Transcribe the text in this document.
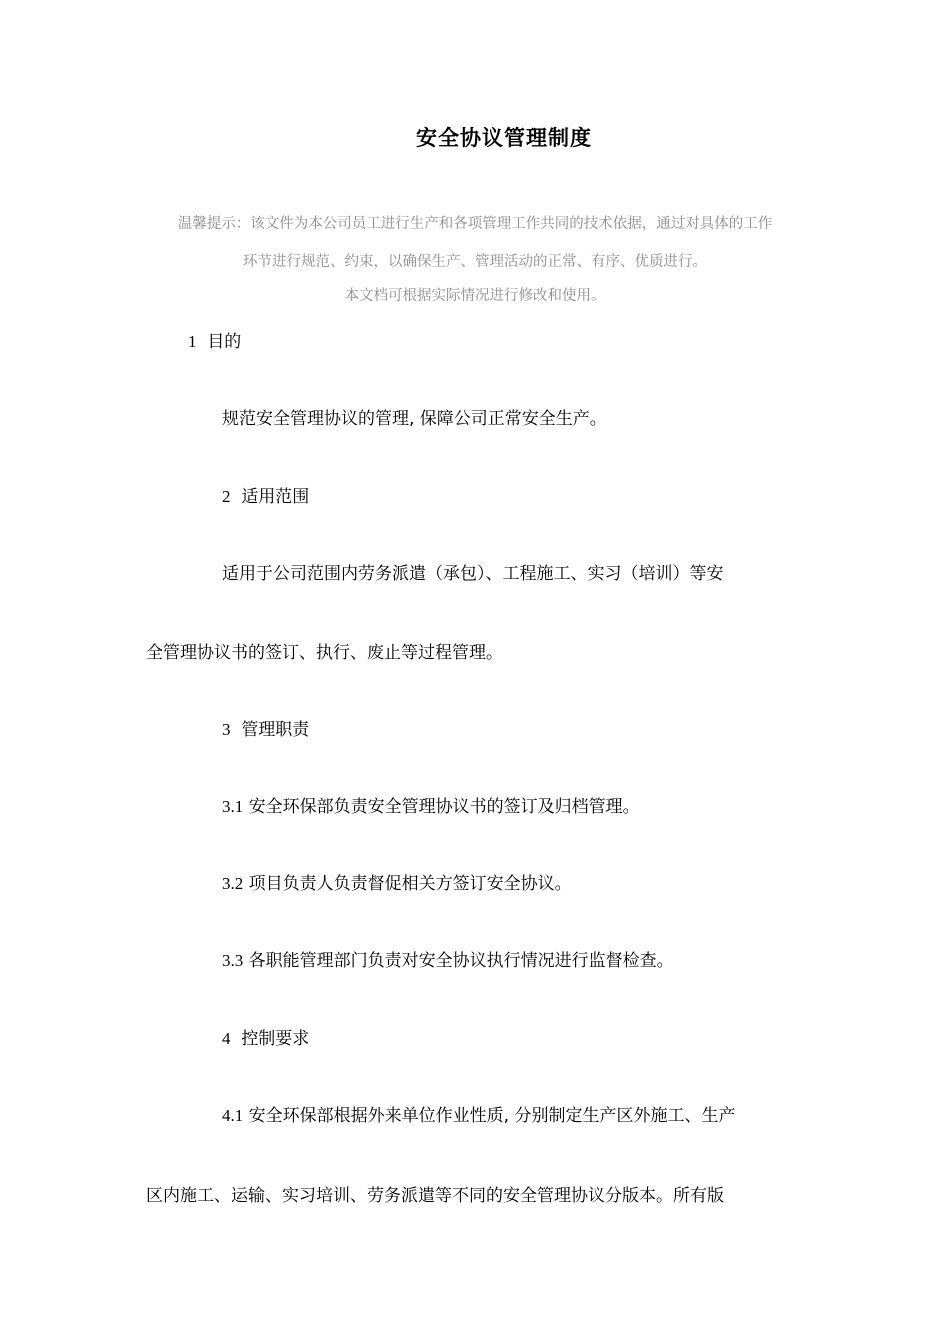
安全协议管理制度
温馨提示：该文件为本公司员工进行生产和各项管理工作共同的技术依据，通过对具体的工作
环节进行规范、约束，以确保生产、管理活动的正常、有序、优质进行。
本文档可根据实际情况进行修改和使用。
1 目的
规范安全管理协议的管理, 保障公司正常安全生产。
2 适用范围
适用于公司范围内劳务派遣（承包）、工程施工、实习（培训）等安
全管理协议书的签订、执行、废止等过程管理。
3 管理职责
3.1 安全环保部负责安全管理协议书的签订及归档管理。
3.2 项目负责人负责督促相关方签订安全协议。
3.3 各职能管理部门负责对安全协议执行情况进行监督检查。
4 控制要求
4.1 安全环保部根据外来单位作业性质, 分别制定生产区外施工、生产
区内施工、运输、实习培训、劳务派遣等不同的安全管理协议分版本。所有版
